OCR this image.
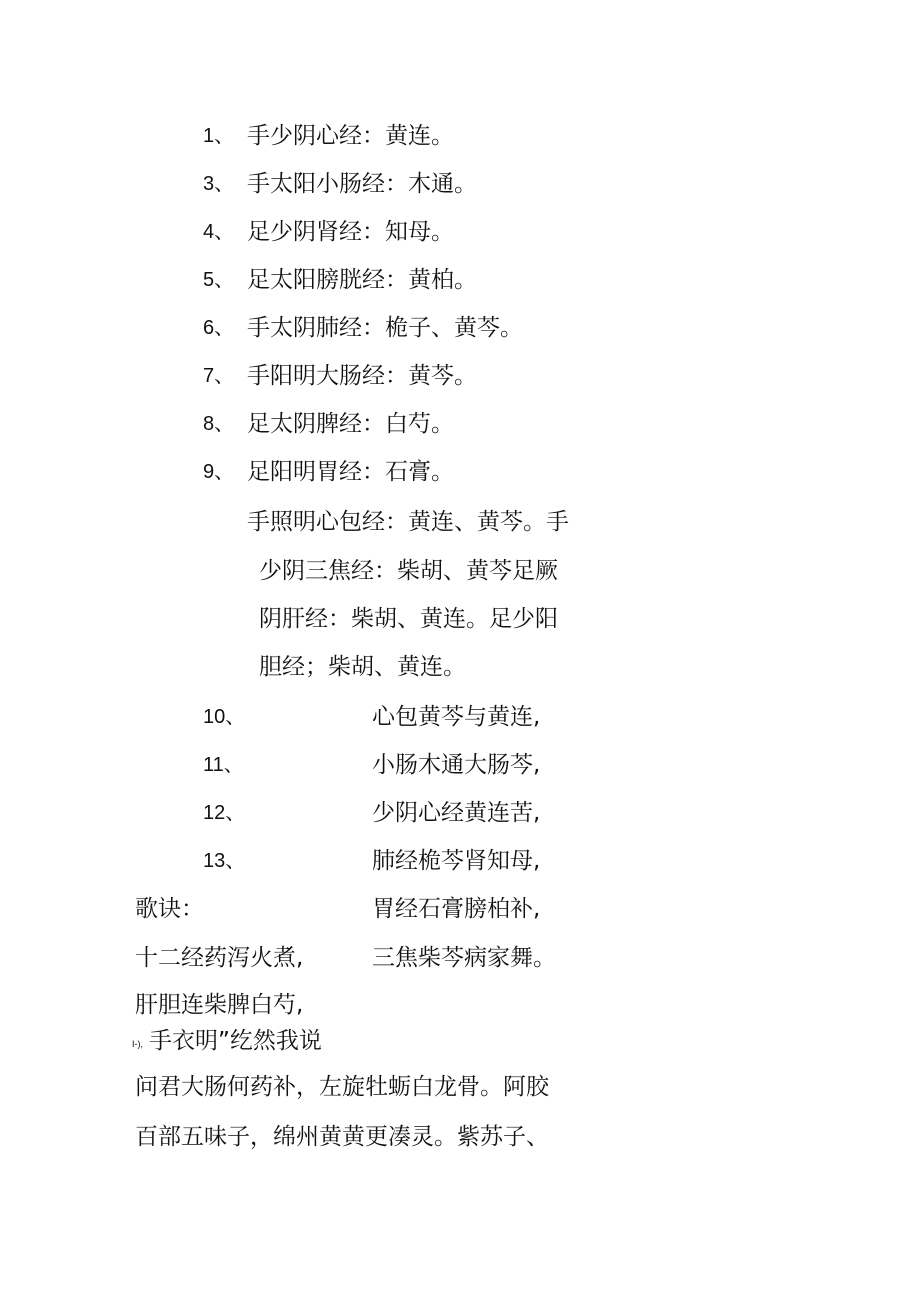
1、 手少阴心经：黄连。
3、 手太阳小肠经：木通。
4、 足少阴肾经：知母。
5、 足太阳膀胱经：黄柏。
6、 手太阴肺经：桅子、黄芩。
7、 手阳明大肠经：黄芩。
8、 足太阴脾经：白芍。
9、 足阳明胃经：石膏。
手照明心包经：黄连、黄芩。手
少阴三焦经：柴胡、黄芩足厥
阴肝经：柴胡、黄连。足少阳
胆经；柴胡、黄连。
10、	心包黄芩与黄连,
11、	小肠木通大肠芩,
12、	少阴心经黄连苦,
13、	肺经桅芩肾知母,
歌诀：	胃经石膏膀柏补,
十二经药泻火煮,	三焦柴芩病家舞。
肝胆连柴脾白芍,
I-), 手衣明”纥然我说
问君大肠何药补，左旋牡蛎白龙骨。阿胶
百部五味子，绵州黄黄更凑灵。紫苏子、
